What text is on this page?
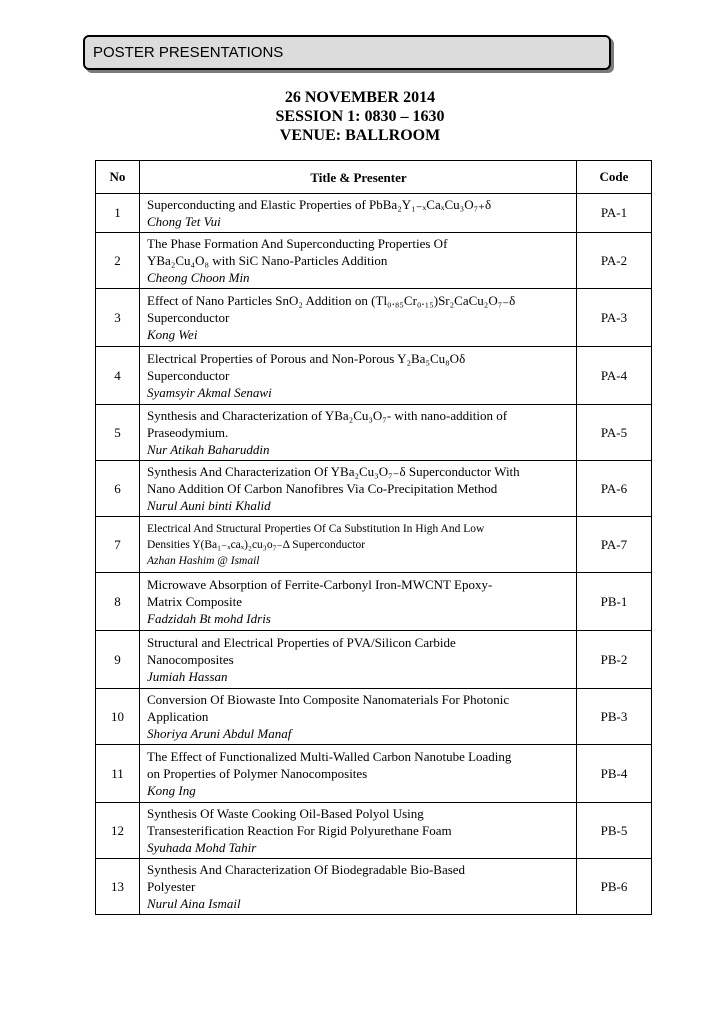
POSTER PRESENTATIONS
26 NOVEMBER 2014
SESSION 1: 0830 – 1630
VENUE: BALLROOM
No	Title & Presenter	Code
1	Superconducting and Elastic Properties of PbBa₂Y₁₋ₓCaₓCu₃O₇₊δ
Chong Tet Vui	PA-1
2	The Phase Formation And Superconducting Properties Of
YBa₂Cu₄O₈ with SiC Nano-Particles Addition
Cheong Choon Min	PA-2
3	Effect of Nano Particles SnO₂ Addition on (Tl₀.₈₅Cr₀.₁₅)Sr₂CaCu₂O₇₋δ
Superconductor
Kong Wei	PA-3
4	Electrical Properties of Porous and Non-Porous Y₂Ba₅Cu₈Oδ
Superconductor
Syamsyir Akmal Senawi	PA-4
5	Synthesis and Characterization of YBa₂Cu₃O₇- with nano-addition of
Praseodymium.
Nur Atikah Baharuddin	PA-5
6	Synthesis And Characterization Of YBa₂Cu₃O₇₋δ Superconductor With
Nano Addition Of Carbon Nanofibres Via Co-Precipitation Method
Nurul Auni binti Khalid	PA-6
7	Electrical And Structural Properties Of Ca Substitution In High And Low
Densities Y(Ba₁₋ₓcaₓ)₂cu₃o₇₋Δ Superconductor
Azhan Hashim @ Ismail	PA-7
8	Microwave Absorption of Ferrite-Carbonyl Iron-MWCNT Epoxy-
Matrix Composite
Fadzidah Bt mohd Idris	PB-1
9	Structural and Electrical Properties of PVA/Silicon Carbide
Nanocomposites
Jumiah Hassan	PB-2
10	Conversion Of Biowaste Into Composite Nanomaterials For Photonic
Application
Shoriya Aruni Abdul Manaf	PB-3
11	The Effect of Functionalized Multi-Walled Carbon Nanotube Loading
on Properties of Polymer Nanocomposites
Kong Ing	PB-4
12	Synthesis Of Waste Cooking Oil-Based Polyol Using
Transesterification Reaction For Rigid Polyurethane Foam
Syuhada Mohd Tahir	PB-5
13	Synthesis And Characterization Of Biodegradable Bio-Based
Polyester
Nurul Aina Ismail	PB-6
